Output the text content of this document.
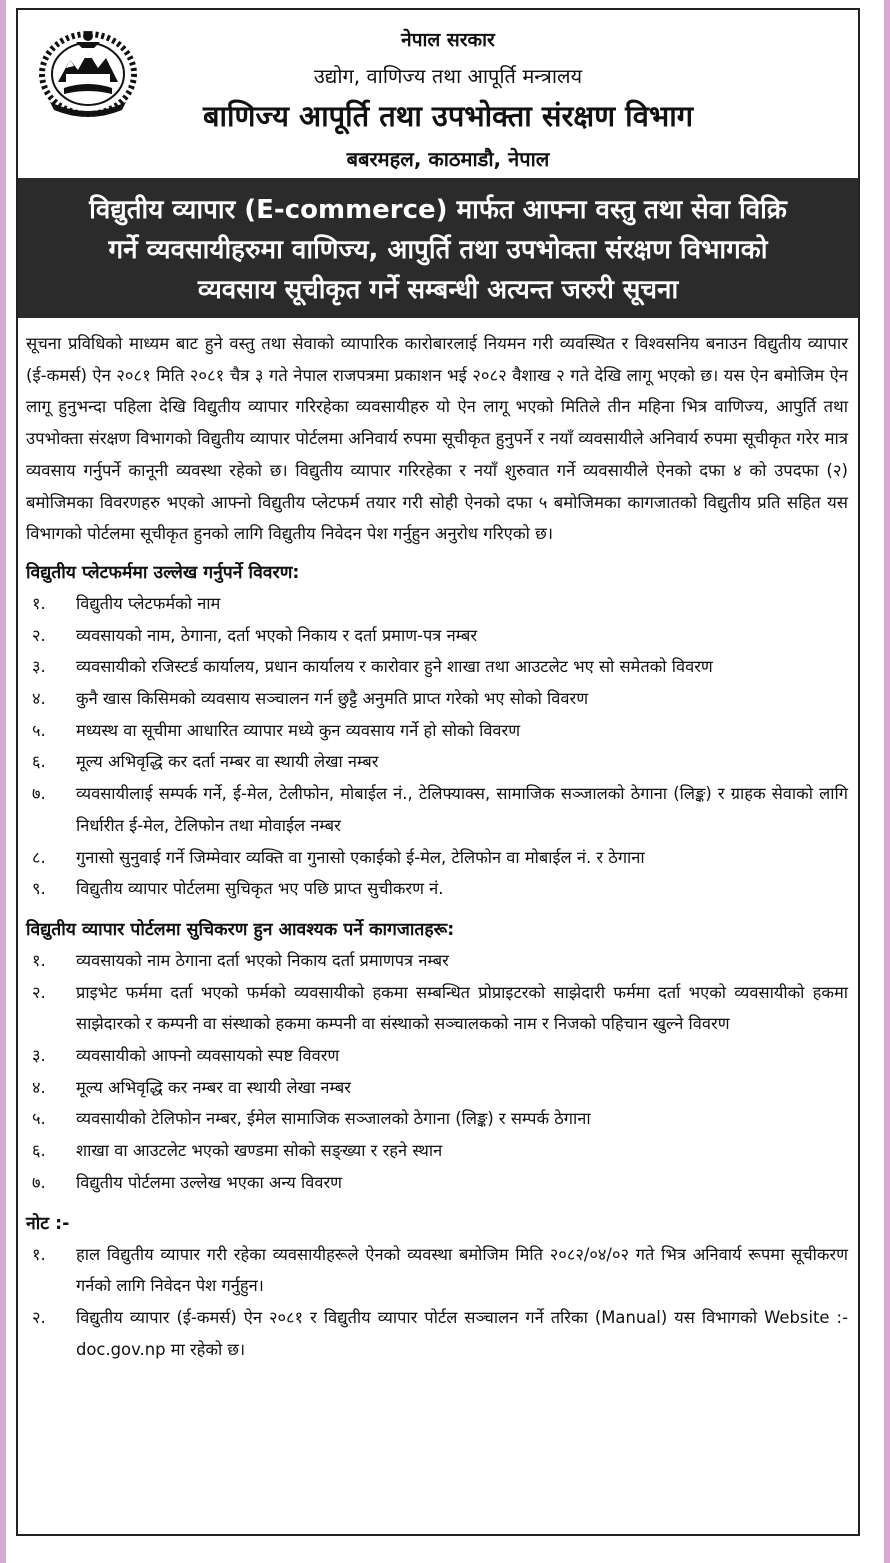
नेपाल सरकार
उद्योग, वाणिज्य तथा आपूर्ति मन्त्रालय
बाणिज्य आपूर्ति तथा उपभोक्ता संरक्षण विभाग
बबरमहल, काठमाडौ, नेपाल
विद्युतीय व्यापार (E-commerce) मार्फत आफ्ना वस्तु तथा सेवा विक्रि
गर्ने व्यवसायीहरुमा वाणिज्य, आपुर्ति तथा उपभोक्ता संरक्षण विभागको
व्यवसाय सूचीकृत गर्ने सम्बन्धी अत्यन्त जरुरी सूचना

सूचना प्रविधिको माध्यम बाट हुने वस्तु तथा सेवाको व्यापारिक कारोबारलाई नियमन गरी व्यवस्थित र विश्वसनिय बनाउन विद्युतीय व्यापार (ई-कमर्स) ऐन २०८१ मिति २०८१ चैत्र ३ गते नेपाल राजपत्रमा प्रकाशन भई २०८२ वैशाख २ गते देखि लागू भएको छ। यस ऐन बमोजिम ऐन लागू हुनुभन्दा पहिला देखि विद्युतीय व्यापार गरिरहेका व्यवसायीहरु यो ऐन लागू भएको मितिले तीन महिना भित्र वाणिज्य, आपुर्ति तथा उपभोक्ता संरक्षण विभागको विद्युतीय व्यापार पोर्टलमा अनिवार्य रुपमा सूचीकृत हुनुपर्ने र नयाँ व्यवसायीले अनिवार्य रुपमा सूचीकृत गरेर मात्र व्यवसाय गर्नुपर्ने कानूनी व्यवस्था रहेको छ। विद्युतीय व्यापार गरिरहेका र नयाँ शुरुवात गर्ने व्यवसायीले ऐनको दफा ४ को उपदफा (२) बमोजिमका विवरणहरु भएको आफ्नो विद्युतीय प्लेटफर्म तयार गरी सोही ऐनको दफा ५ बमोजिमका कागजातको विद्युतीय प्रति सहित यस विभागको पोर्टलमा सूचीकृत हुनको लागि विद्युतीय निवेदन पेश गर्नुहुन अनुरोध गरिएको छ।

विद्युतीय प्लेटफर्ममा उल्लेख गर्नुपर्ने विवरण:

१.	विद्युतीय प्लेटफर्मको नाम
२.	व्यवसायको नाम, ठेगाना, दर्ता भएको निकाय र दर्ता प्रमाण-पत्र नम्बर
३.	व्यवसायीको रजिस्टर्ड कार्यालय, प्रधान कार्यालय र कारोवार हुने शाखा तथा आउटलेट भए सो समेतको विवरण
४.	कुनै खास किसिमको व्यवसाय सञ्चालन गर्न छुट्टै अनुमति प्राप्त गरेको भए सोको विवरण
५.	मध्यस्थ वा सूचीमा आधारित व्यापार मध्ये कुन व्यवसाय गर्ने हो सोको विवरण
६.	मूल्य अभिवृद्धि कर दर्ता नम्बर वा स्थायी लेखा नम्बर
७.	व्यवसायीलाई सम्पर्क गर्ने, ई-मेल, टेलीफोन, मोबाईल नं., टेलिफ्याक्स, सामाजिक सञ्जालको ठेगाना (लिङ्क) र ग्राहक सेवाको लागि निर्धारीत ई-मेल, टेलिफोन तथा मोवाईल नम्बर
८.	गुनासो सुनुवाई गर्ने जिम्मेवार व्यक्ति वा गुनासो एकाईको ई-मेल, टेलिफोन वा मोबाईल नं. र ठेगाना
९.	विद्युतीय व्यापार पोर्टलमा सुचिकृत भए पछि प्राप्त सुचीकरण नं.

विद्युतीय व्यापार पोर्टलमा सुचिकरण हुन आवश्यक पर्ने कागजातहरू:

१.	व्यवसायको नाम ठेगाना दर्ता भएको निकाय दर्ता प्रमाणपत्र नम्बर
२.	प्राइभेट फर्ममा दर्ता भएको फर्मको व्यवसायीको हकमा सम्बन्धित प्रोप्राइटरको साझेदारी फर्ममा दर्ता भएको व्यवसायीको हकमा साझेदारको र कम्पनी वा संस्थाको हकमा कम्पनी वा संस्थाको सञ्चालकको नाम र निजको पहिचान खुल्ने विवरण
३.	व्यवसायीको आफ्नो व्यवसायको स्पष्ट विवरण
४.	मूल्य अभिवृद्धि कर नम्बर वा स्थायी लेखा नम्बर
५.	व्यवसायीको टेलिफोन नम्बर, ईमेल सामाजिक सञ्जालको ठेगाना (लिङ्क) र सम्पर्क ठेगाना
६.	शाखा वा आउटलेट भएको खण्डमा सोको सङ्ख्या र रहने स्थान
७.	विद्युतीय पोर्टलमा उल्लेख भएका अन्य विवरण

नोट :-

१.	हाल विद्युतीय व्यापार गरी रहेका व्यवसायीहरूले ऐनको व्यवस्था बमोजिम मिति २०८२/०४/०२ गते भित्र अनिवार्य रूपमा सूचीकरण गर्नको लागि निवेदन पेश गर्नुहुन।
२.	विद्युतीय व्यापार (ई-कमर्स) ऐन २०८१ र विद्युतीय व्यापार पोर्टल सञ्चालन गर्ने तरिका (Manual) यस विभागको Website :- doc.gov.np मा रहेको छ।
